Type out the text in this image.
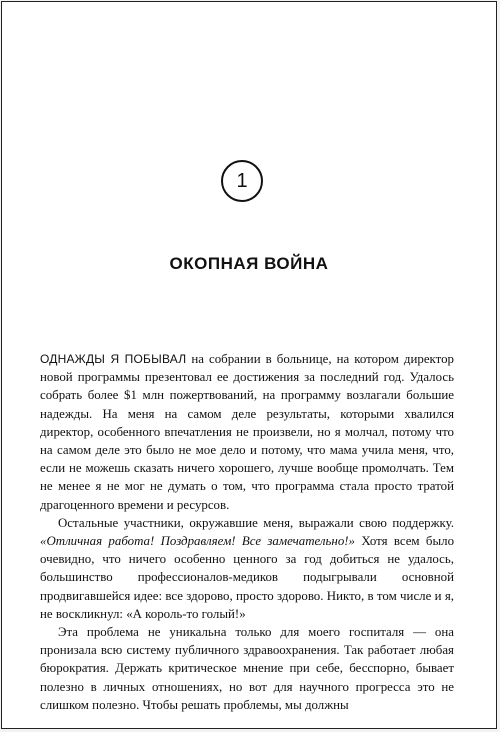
1
ОКОПНАЯ ВОЙНА

ОДНАЖДЫ Я ПОБЫВАЛ на собрании в больнице, на котором директор новой программы презентовал ее достижения за последний год. Удалось собрать более $1 млн пожертвований, на программу возлагали большие надежды. На меня на самом деле результаты, которыми хвалился директор, особенного впечатления не произвели, но я молчал, потому что на самом деле это было не мое дело и потому, что мама учила меня, что, если не можешь сказать ничего хорошего, лучше вообще промолчать. Тем не менее я не мог не думать о том, что программа стала просто тратой драгоценного времени и ресурсов.

Остальные участники, окружавшие меня, выражали свою поддержку. «Отличная работа! Поздравляем! Все замечательно!» Хотя всем было очевидно, что ничего особенно ценного за год добиться не удалось, большинство профессионалов-медиков подыгрывали основной продвигавшейся идее: все здорово, просто здорово. Никто, в том числе и я, не воскликнул: «А король-то голый!»

Эта проблема не уникальна только для моего госпиталя — она пронизала всю систему публичного здравоохранения. Так работает любая бюрократия. Держать критическое мнение при себе, бесспорно, бывает полезно в личных отношениях, но вот для научного прогресса это не слишком полезно. Чтобы решать проблемы, мы должны
